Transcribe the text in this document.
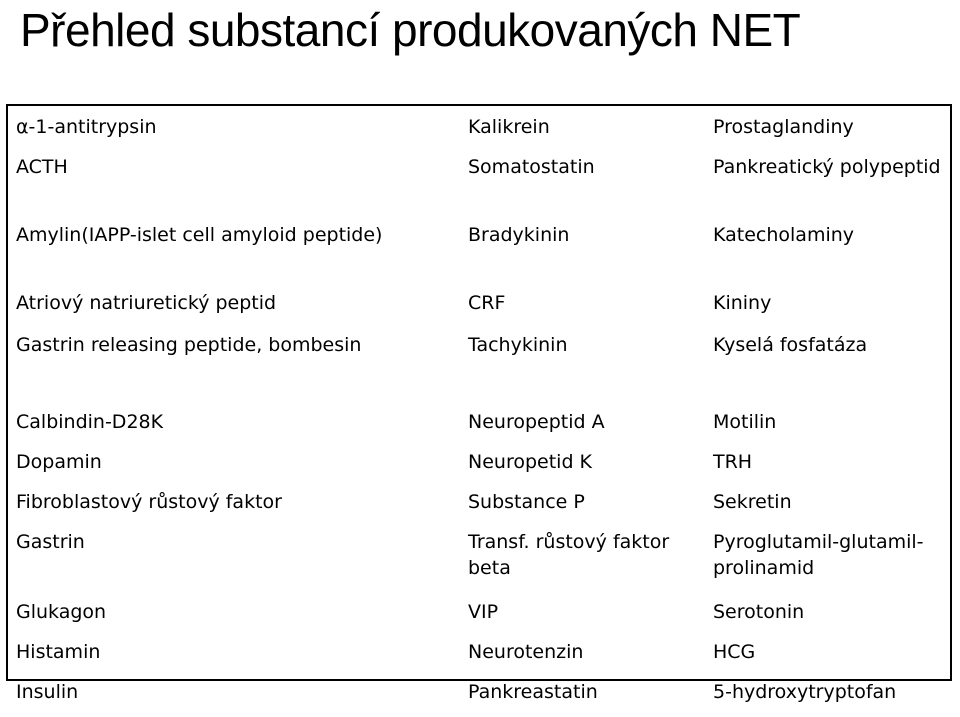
Přehled substancí produkovaných NET
α-1-antitrypsin	Kalikrein	Prostaglandiny
ACTH	Somatostatin	Pankreatický polypeptid
Amylin(IAPP-islet cell amyloid peptide)	Bradykinin	Katecholaminy
Atriový natriuretický peptid	CRF	Kininy
Gastrin releasing peptide, bombesin	Tachykinin	Kyselá fosfatáza

Calbindin-D28K	Neuropeptid A	Motilin
Dopamin	Neuropetid K	TRH
Fibroblastový růstový faktor	Substance P	Sekretin
Gastrin	Transf. růstový faktor beta	Pyroglutamil-glutamil-prolinamid
Glukagon	VIP	Serotonin
Histamin	Neurotenzin	HCG
Insulin	Pankreastatin	5-hydroxytryptofan
